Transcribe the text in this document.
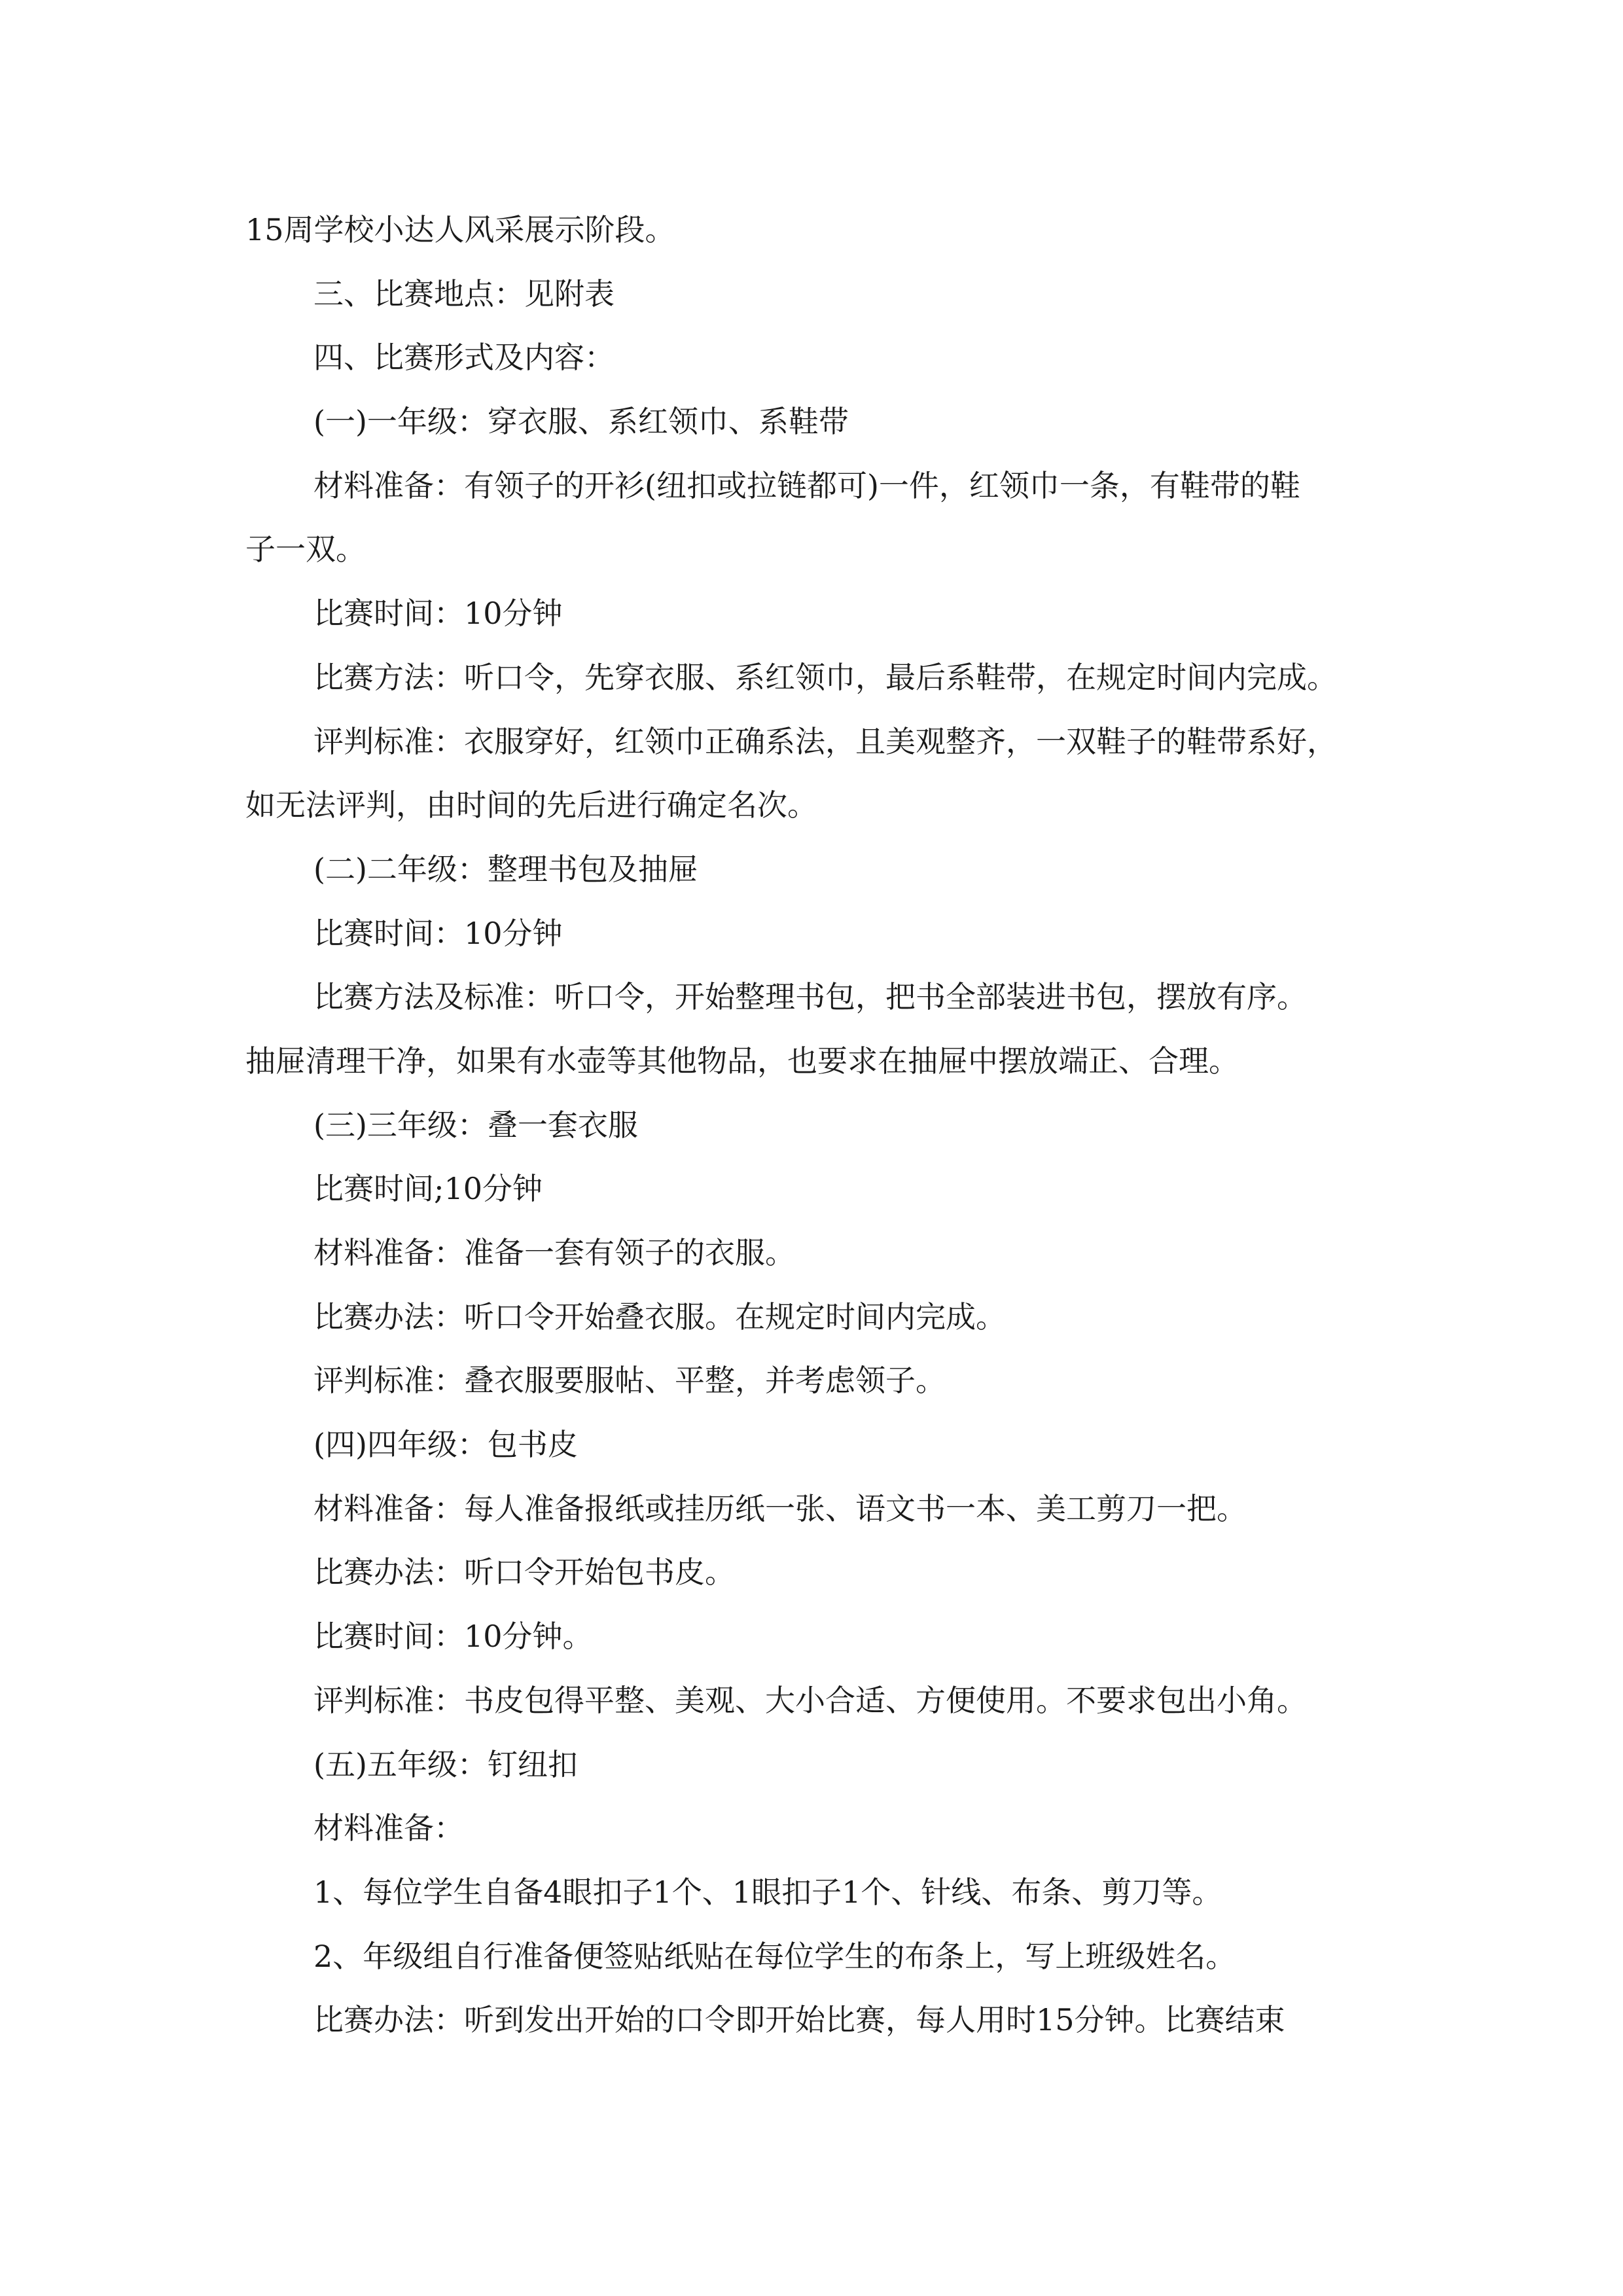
15周学校小达人风采展示阶段。
三、比赛地点：见附表
四、比赛形式及内容：
(一)一年级：穿衣服、系红领巾、系鞋带
材料准备：有领子的开衫(纽扣或拉链都可)一件，红领巾一条，有鞋带的鞋
子一双。
比赛时间：10分钟
比赛方法：听口令，先穿衣服、系红领巾，最后系鞋带，在规定时间内完成。
评判标准：衣服穿好，红领巾正确系法，且美观整齐，一双鞋子的鞋带系好，
如无法评判，由时间的先后进行确定名次。
(二)二年级：整理书包及抽屉
比赛时间：10分钟
比赛方法及标准：听口令，开始整理书包，把书全部装进书包，摆放有序。
抽屉清理干净，如果有水壶等其他物品，也要求在抽屉中摆放端正、合理。
(三)三年级：叠一套衣服
比赛时间;10分钟
材料准备：准备一套有领子的衣服。
比赛办法：听口令开始叠衣服。在规定时间内完成。
评判标准：叠衣服要服帖、平整，并考虑领子。
(四)四年级：包书皮
材料准备：每人准备报纸或挂历纸一张、语文书一本、美工剪刀一把。
比赛办法：听口令开始包书皮。
比赛时间：10分钟。
评判标准：书皮包得平整、美观、大小合适、方便使用。不要求包出小角。
(五)五年级：钉纽扣
材料准备：
1、每位学生自备4眼扣子1个、1眼扣子1个、针线、布条、剪刀等。
2、年级组自行准备便签贴纸贴在每位学生的布条上，写上班级姓名。
比赛办法：听到发出开始的口令即开始比赛，每人用时15分钟。比赛结束
